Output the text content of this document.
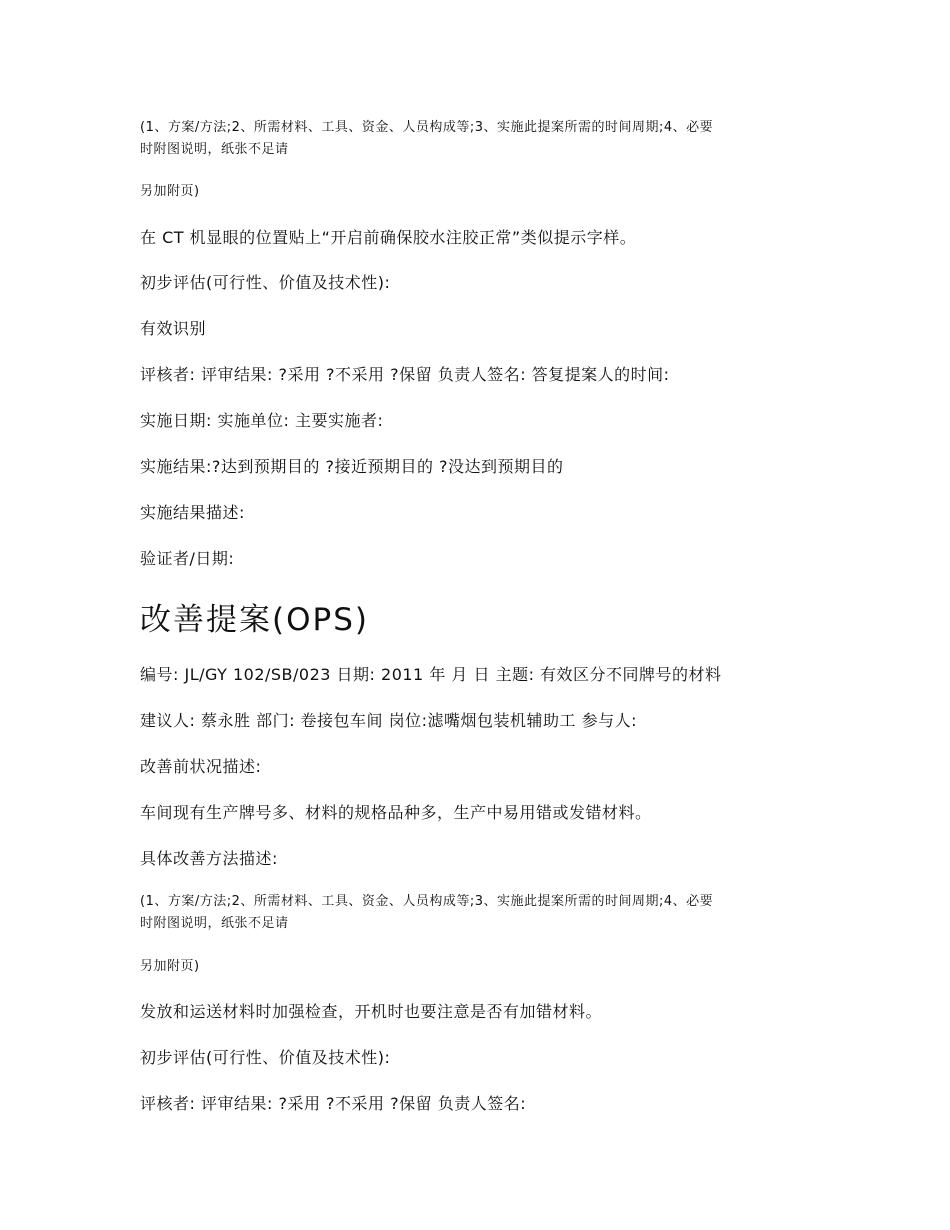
(1、方案/方法;2、所需材料、工具、资金、人员构成等;3、实施此提案所需的时间周期;4、必要
时附图说明，纸张不足请
另加附页)
在 CT 机显眼的位置贴上“开启前确保胶水注胶正常”类似提示字样。
初步评估(可行性、价值及技术性):
有效识别
评核者: 评审结果: ?采用 ?不采用 ?保留 负责人签名: 答复提案人的时间:
实施日期: 实施单位: 主要实施者:
实施结果:?达到预期目的 ?接近预期目的 ?没达到预期目的
实施结果描述:
验证者/日期:
改善提案(OPS)
编号: JL/GY 102/SB/023 日期: 2011 年 月 日 主题: 有效区分不同牌号的材料
建议人: 蔡永胜 部门: 卷接包车间 岗位:滤嘴烟包装机辅助工 参与人:
改善前状况描述:
车间现有生产牌号多、材料的规格品种多，生产中易用错或发错材料。
具体改善方法描述:
(1、方案/方法;2、所需材料、工具、资金、人员构成等;3、实施此提案所需的时间周期;4、必要
时附图说明，纸张不足请
另加附页)
发放和运送材料时加强检查，开机时也要注意是否有加错材料。
初步评估(可行性、价值及技术性):
评核者: 评审结果: ?采用 ?不采用 ?保留 负责人签名:
